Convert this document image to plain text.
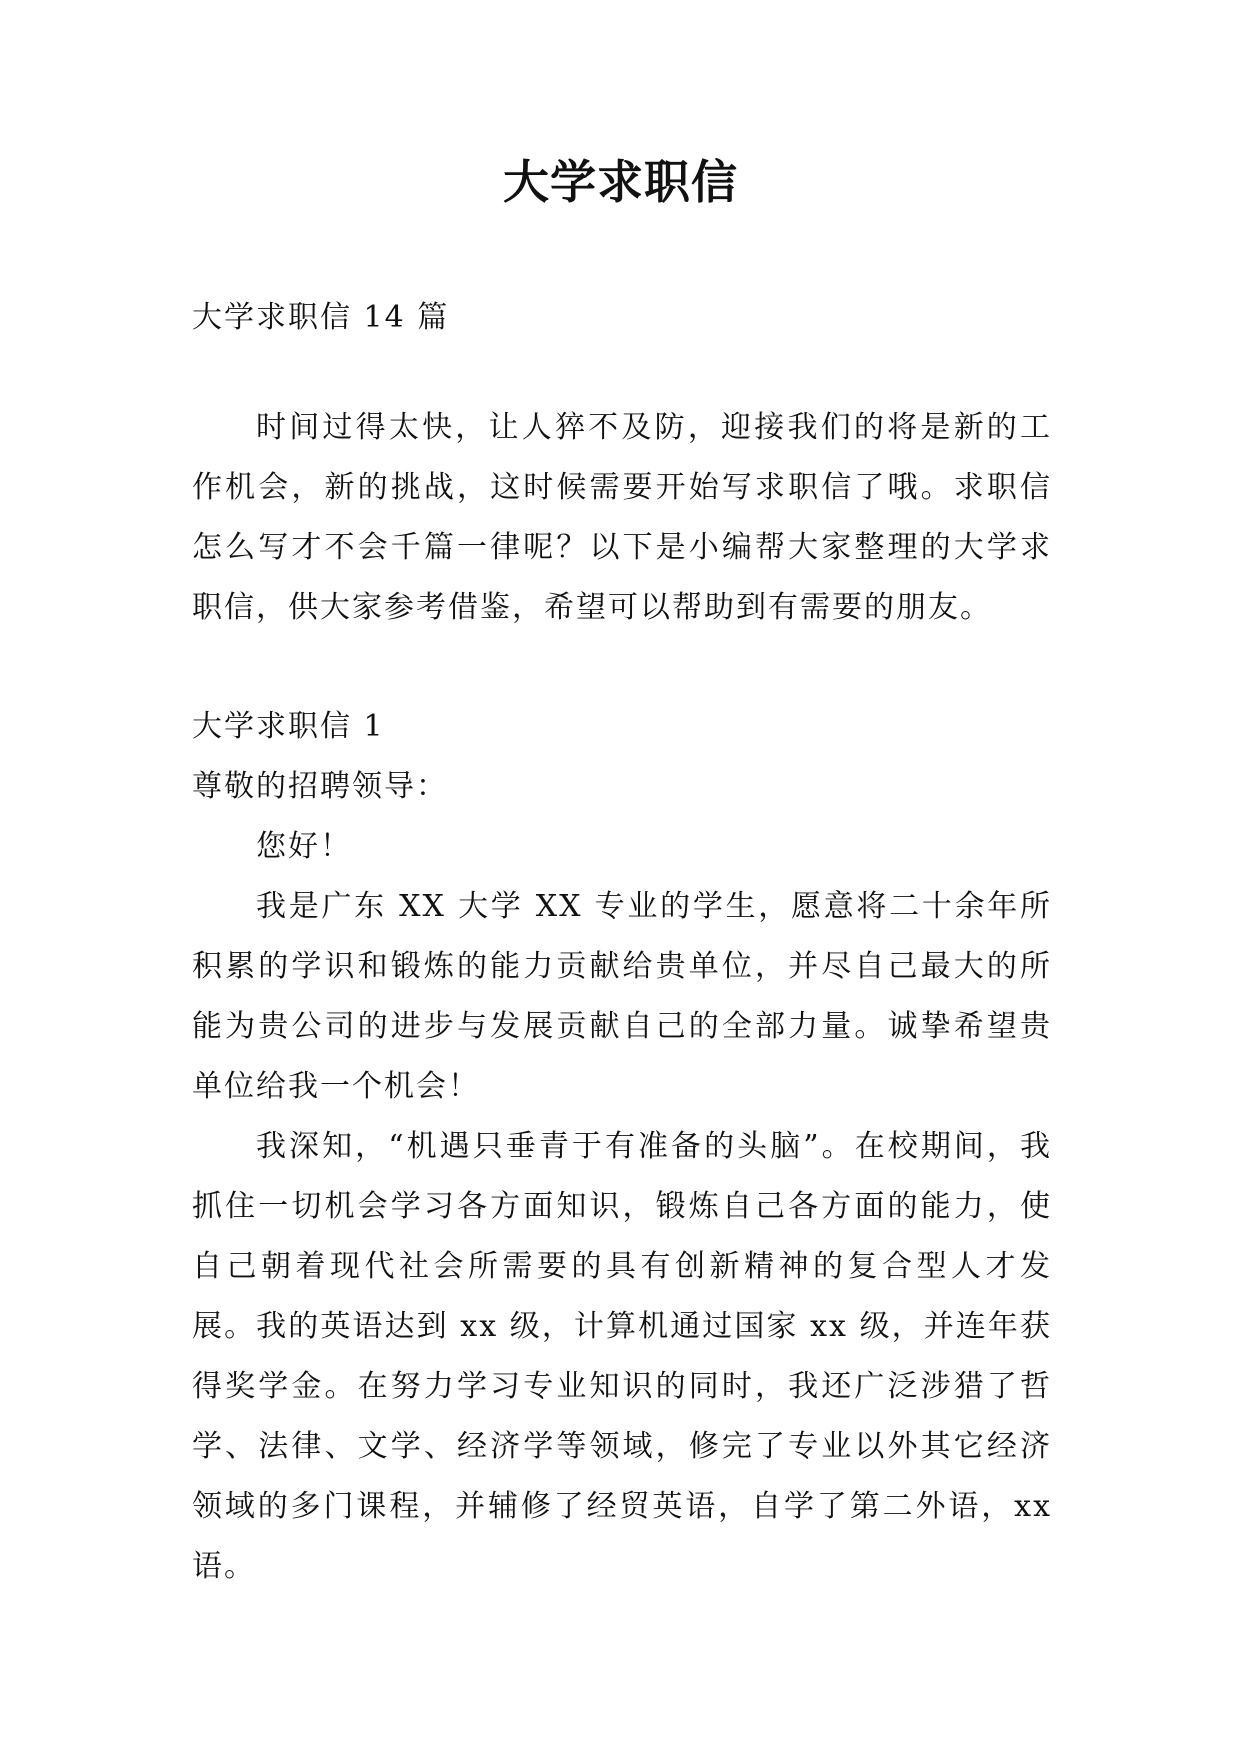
大学求职信

大学求职信 14 篇

时间过得太快，让人猝不及防，迎接我们的将是新的工作机会，新的挑战，这时候需要开始写求职信了哦。求职信怎么写才不会千篇一律呢？以下是小编帮大家整理的大学求职信，供大家参考借鉴，希望可以帮助到有需要的朋友。

大学求职信 1

尊敬的招聘领导：

您好！

我是广东 XX 大学 XX 专业的学生，愿意将二十余年所积累的学识和锻炼的能力贡献给贵单位，并尽自己最大的所能为贵公司的进步与发展贡献自己的全部力量。诚挚希望贵单位给我一个机会！

我深知，“机遇只垂青于有准备的头脑”。在校期间，我抓住一切机会学习各方面知识，锻炼自己各方面的能力，使自己朝着现代社会所需要的具有创新精神的复合型人才发展。我的英语达到 xx 级，计算机通过国家 xx 级，并连年获得奖学金。在努力学习专业知识的同时，我还广泛涉猎了哲学、法律、文学、经济学等领域，修完了专业以外其它经济领域的多门课程，并辅修了经贸英语，自学了第二外语，xx 语。
